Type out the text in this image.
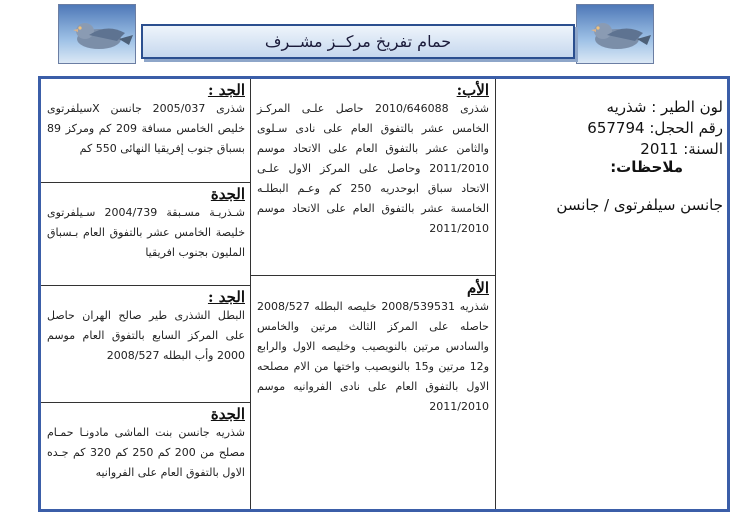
حمام تفريخ مركــز مشــرف
لون الطير : شذريه
رقم الحجل: 657794
السنة: 2011
ملاحظات:
جانسن سيلفرتوى / جانسن
الأب:
شذرى 2010/646088 حاصل علـى المركـز الخامس عشر بالتفوق العام على نادى سـلوى والثامن عشر بالتفوق العام على الاتحاد موسم 2011/2010 وحاصل على المركز الاول علـى الاتحاد سباق ابوحدريه 250 كم وعـم البطلـه الخامسة عشر بالتفوق العام على الاتحاد موسم 2011/2010
الأم
شذريه 2008/539531 خليصه البطله 2008/527 حاصله على المركز الثالث مرتين والخامس والسادس مرتين بالنويصيب وخليصه الاول والرابع و12 مرتين و15 بالنويصيب واختها من الام مصلحه الاول بالتفوق العام على نادى الفروانيه موسم 2011/2010
الجد :
شذرى 2005/037 جانسن Xسيلفرتوى خليص الخامس مسافة 209 كم ومركز 89 بسباق جنوب إفريقيا النهائى 550 كم
الجدة
شـذريـة مسـبقة 2004/739 سـيلفرتوى خليصة الخامس عشر بالتفوق العام بـسباق المليون بجنوب افريقيا
الجد :
البطل الشذرى طير صالح الهران حاصل على المركز السابع بالتفوق العام موسم 2000 وأب البطله 2008/527
الجدة
شذريه جانسن بنت الماشى مادونـا حمـام مصلح من 200 كم 250 كم 320 كم جـده الاول بالتفوق العام على الفروانيه
